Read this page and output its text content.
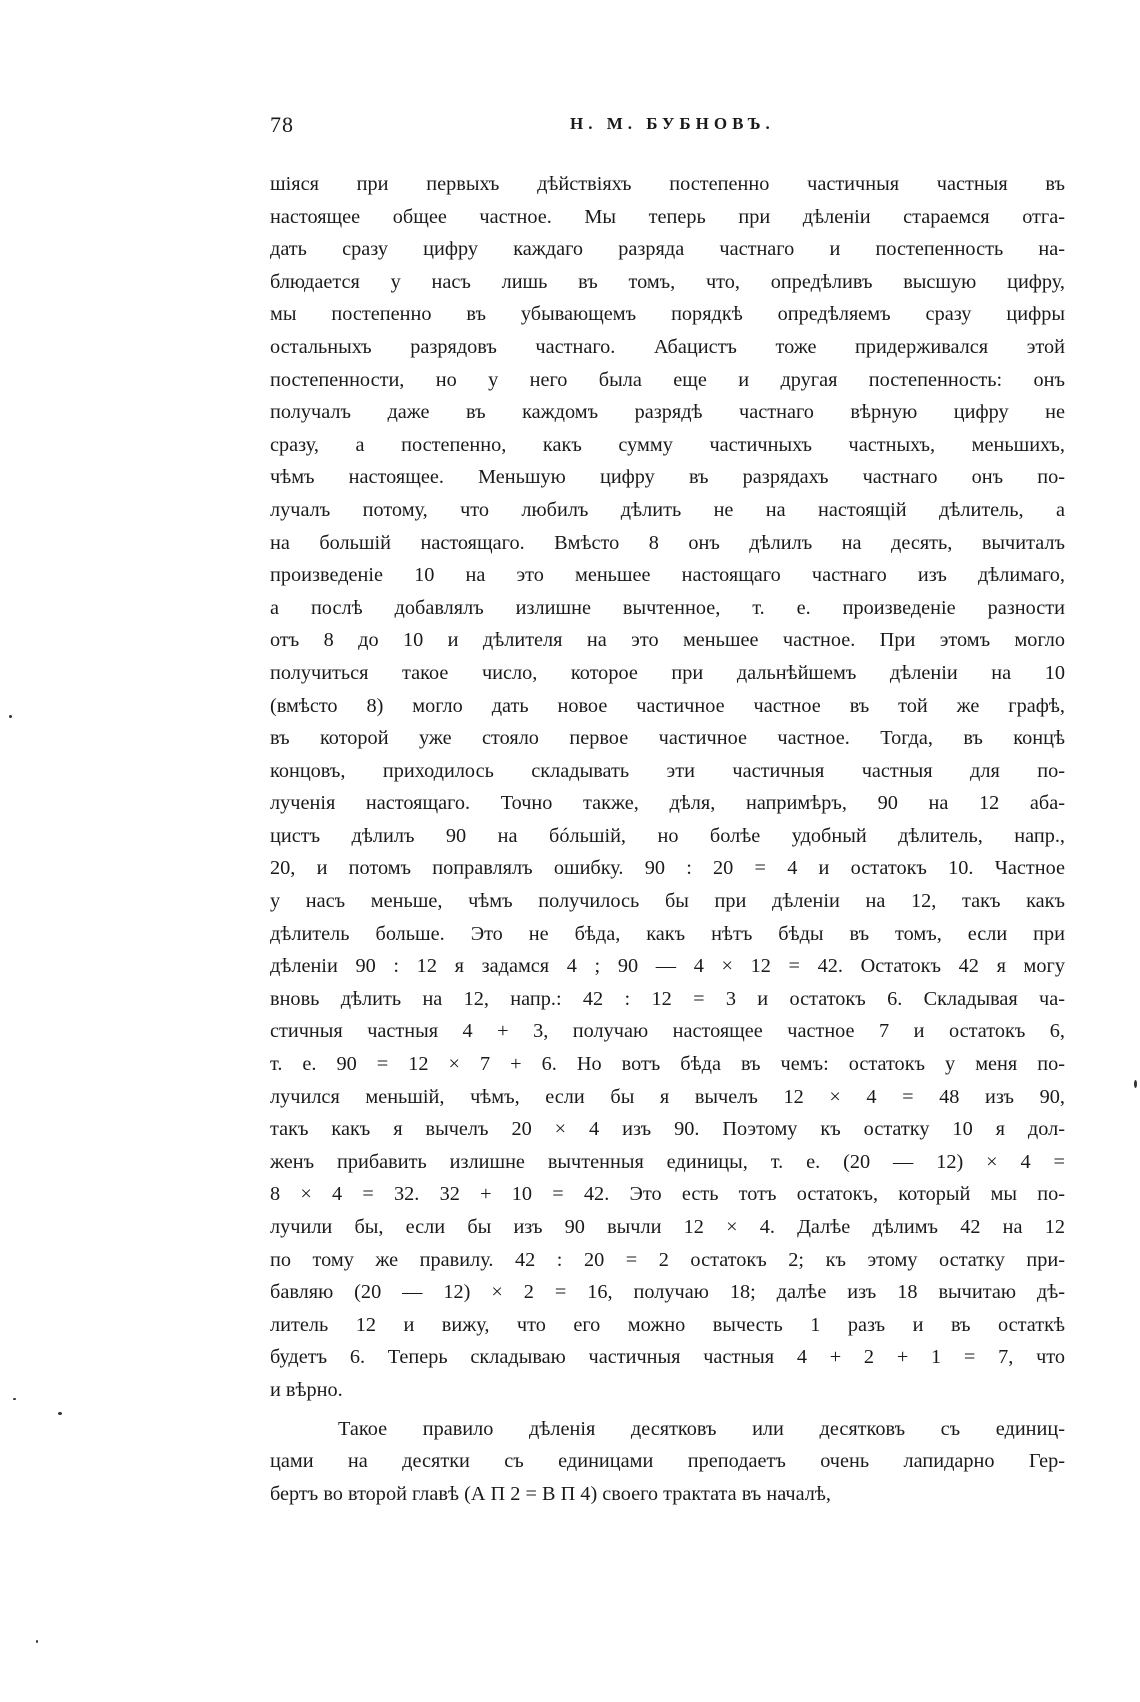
78	Н. М. БУБНОВЪ.
шіяся при первыхъ дѣйствіяхъ постепенно частичныя частныя въ
настоящее общее частное. Мы теперь при дѣленіи стараемся отга-
дать сразу цифру каждаго разряда частнаго и постепенность на-
блюдается у насъ лишь въ томъ, что, опредѣливъ высшую цифру,
мы постепенно въ убывающемъ порядкѣ опредѣляемъ сразу цифры
остальныхъ разрядовъ частнаго. Абацистъ тоже придерживался этой
постепенности, но у него была еще и другая постепенность: онъ
получалъ даже въ каждомъ разрядѣ частнаго вѣрную цифру не
сразу, а постепенно, какъ сумму частичныхъ частныхъ, меньшихъ,
чѣмъ настоящее. Меньшую цифру въ разрядахъ частнаго онъ по-
лучалъ потому, что любилъ дѣлить не на настоящій дѣлитель, а
на большій настоящаго. Вмѣсто 8 онъ дѣлилъ на десять, вычиталъ
произведеніе 10 на это меньшее настоящаго частнаго изъ дѣлимаго,
а послѣ добавлялъ излишне вычтенное, т. е. произведеніе разности
отъ 8 до 10 и дѣлителя на это меньшее частное. При этомъ могло
получиться такое число, которое при дальнѣйшемъ дѣленіи на 10
(вмѣсто 8) могло дать новое частичное частное въ той же графѣ,
въ которой уже стояло первое частичное частное. Тогда, въ концѣ
концовъ, приходилось складывать эти частичныя частныя для по-
лученія настоящаго. Точно также, дѣля, напримѣръ, 90 на 12 аба-
цистъ дѣлилъ 90 на бóльшій, но болѣе удобный дѣлитель, напр.,
20, и потомъ поправлялъ ошибку. 90 : 20 = 4 и остатокъ 10. Частное
у насъ меньше, чѣмъ получилось бы при дѣленіи на 12, такъ какъ
дѣлитель больше. Это не бѣда, какъ нѣтъ бѣды въ томъ, если при
дѣленіи 90 : 12 я задамся 4 ; 90 — 4 × 12 = 42. Остатокъ 42 я могу
вновь дѣлить на 12, напр.: 42 : 12 = 3 и остатокъ 6. Складывая ча-
стичныя частныя 4 + 3, получаю настоящее частное 7 и остатокъ 6,
т. е. 90 = 12 × 7 + 6. Но вотъ бѣда въ чемъ: остатокъ у меня по-
лучился меньшій, чѣмъ, если бы я вычелъ 12 × 4 = 48 изъ 90,
такъ какъ я вычелъ 20 × 4 изъ 90. Поэтому къ остатку 10 я дол-
женъ прибавить излишне вычтенныя единицы, т. е. (20 — 12) × 4 =
8 × 4 = 32. 32 + 10 = 42. Это есть тотъ остатокъ, который мы по-
лучили бы, если бы изъ 90 вычли 12 × 4. Далѣе дѣлимъ 42 на 12
по тому же правилу. 42 : 20 = 2 остатокъ 2; къ этому остатку при-
бавляю (20 — 12) × 2 = 16, получаю 18; далѣе изъ 18 вычитаю дѣ-
литель 12 и вижу, что его можно вычесть 1 разъ и въ остаткѣ
будетъ 6. Теперь складываю частичныя частныя 4 + 2 + 1 = 7, что
и вѣрно.
Такое правило дѣленія десятковъ или десятковъ съ единиц-
цами на десятки съ единицами преподаетъ очень лапидарно Гер-
бертъ во второй главѣ (А П 2 = В П 4) своего трактата въ началѣ,
